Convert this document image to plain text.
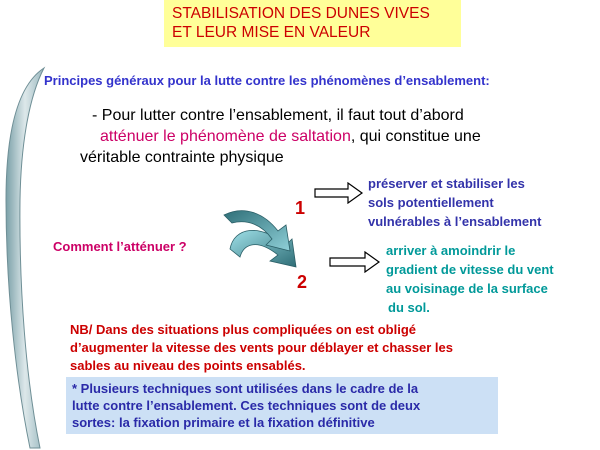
STABILISATION DES DUNES VIVES
ET LEUR MISE EN VALEUR
Principes généraux pour la lutte contre les phénomènes d’ensablement:
- Pour lutter contre l’ensablement, il faut tout d’abord
atténuer le phénomène de saltation, qui constitue une
véritable contrainte physique
1
2
Comment l’atténuer ?
préserver et stabiliser les
sols potentiellement
vulnérables à l’ensablement
arriver à amoindrir le
gradient de vitesse du vent
au voisinage de la surface
du sol.
NB/ Dans des situations plus compliquées on est obligé
d’augmenter la vitesse des vents pour déblayer et chasser les
sables au niveau des points ensablés.
* Plusieurs techniques sont utilisées dans le cadre de la
lutte contre l’ensablement. Ces techniques sont de deux
sortes: la fixation primaire et la fixation définitive
